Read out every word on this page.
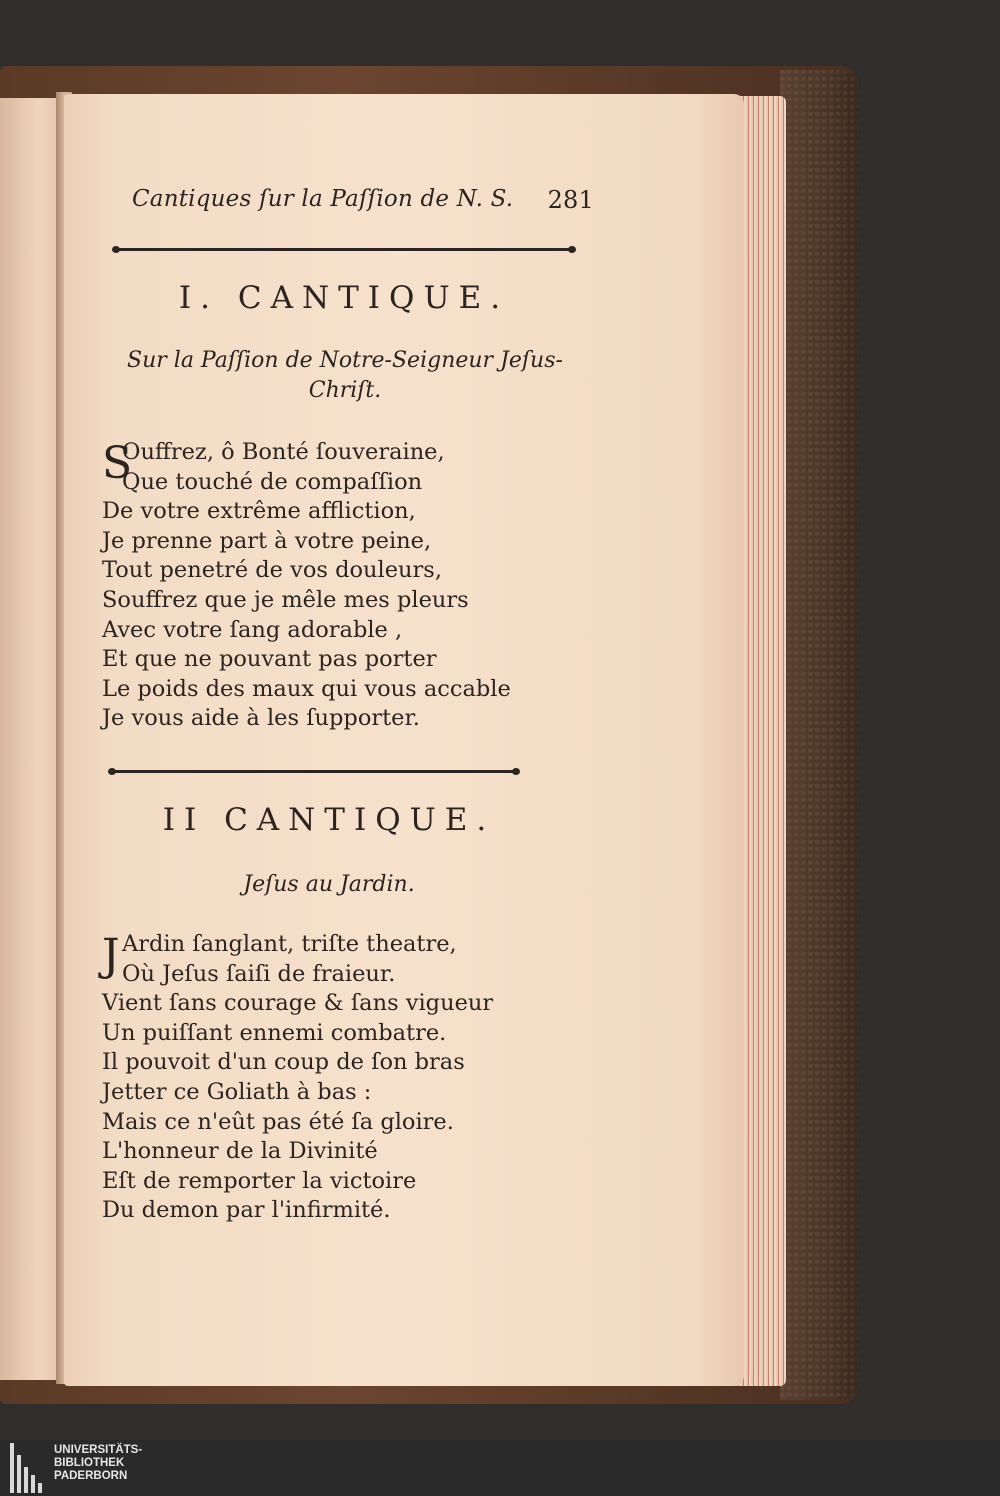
Cantiques ſur la Paſſion de N. S. 281
I. CANTIQUE.
Sur la Paſſion de Notre-Seigneur Jeſus-
Chriſt.
S
Ouffrez, ô Bonté ſouveraine,
Que touché de compaſſion
De votre extrême affliction,
Je prenne part à votre peine,
Tout penetré de vos douleurs,
Souffrez que je mêle mes pleurs
Avec votre ſang adorable ,
Et que ne pouvant pas porter
Le poids des maux qui vous accable
Je vous aide à les ſupporter.
II CANTIQUE.
Jeſus au Jardin.
J Ardin ſanglant, triſte theatre,
Où Jeſus ſaiſi de fraieur.
Vient ſans courage & ſans vigueur
Un puiſſant ennemi combatre.
Il pouvoit d'un coup de ſon bras
Jetter ce Goliath à bas :
Mais ce n'eût pas été ſa gloire.
L'honneur de la Divinité
Eſt de remporter la victoire
Du demon par l'infirmité.
UNIVERSITÄTS-
BIBLIOTHEK
PADERBORN
